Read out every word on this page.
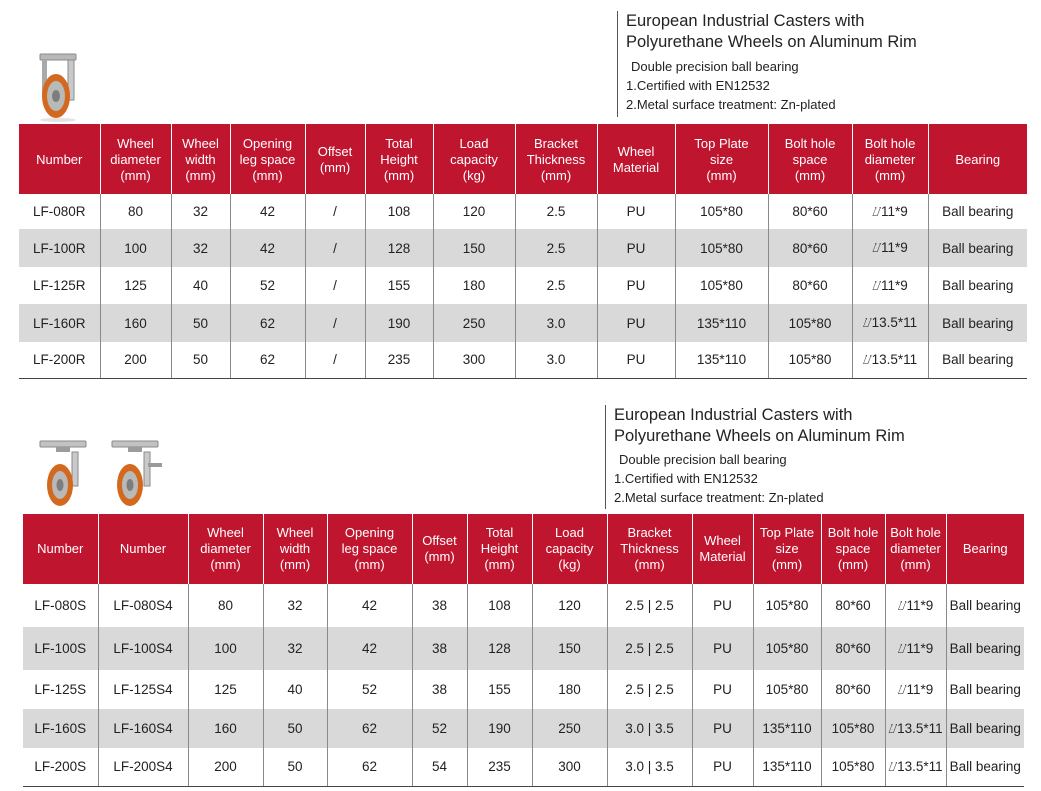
European Industrial Casters with
Polyurethane Wheels on Aluminum Rim
Double precision ball bearing
1.Certified with EN12532
2.Metal surface treatment: Zn-plated
Number	Wheel
diameter
(mm)	Wheel
width
(mm)	Opening
leg space
(mm)	Offset
(mm)	Total
Height
(mm)	Load
capacity
(kg)	Bracket
Thickness
(mm)	Wheel
Material	Top Plate
size
(mm)	Bolt hole
space
(mm)	Bolt hole
diameter
(mm)	Bearing
LF-080R	80	32	42	/	108	120	2.5	PU	105*80	80*60	⌰11*9	Ball bearing
LF-100R	100	32	42	/	128	150	2.5	PU	105*80	80*60	⌰11*9	Ball bearing
LF-125R	125	40	52	/	155	180	2.5	PU	105*80	80*60	⌰11*9	Ball bearing
LF-160R	160	50	62	/	190	250	3.0	PU	135*110	105*80	⌰13.5*11	Ball bearing
LF-200R	200	50	62	/	235	300	3.0	PU	135*110	105*80	⌰13.5*11	Ball bearing
European Industrial Casters with
Polyurethane Wheels on Aluminum Rim
Double precision ball bearing
1.Certified with EN12532
2.Metal surface treatment: Zn-plated
Number	Number	Wheel
diameter
(mm)	Wheel
width
(mm)	Opening
leg space
(mm)	Offset
(mm)	Total
Height
(mm)	Load
capacity
(kg)	Bracket
Thickness
(mm)	Wheel
Material	Top Plate
size
(mm)	Bolt hole
space
(mm)	Bolt hole
diameter
(mm)	Bearing
LF-080S	LF-080S4	80	32	42	38	108	120	2.5 | 2.5	PU	105*80	80*60	⌰11*9	Ball bearing
LF-100S	LF-100S4	100	32	42	38	128	150	2.5 | 2.5	PU	105*80	80*60	⌰11*9	Ball bearing
LF-125S	LF-125S4	125	40	52	38	155	180	2.5 | 2.5	PU	105*80	80*60	⌰11*9	Ball bearing
LF-160S	LF-160S4	160	50	62	52	190	250	3.0 | 3.5	PU	135*110	105*80	⌰13.5*11	Ball bearing
LF-200S	LF-200S4	200	50	62	54	235	300	3.0 | 3.5	PU	135*110	105*80	⌰13.5*11	Ball bearing
